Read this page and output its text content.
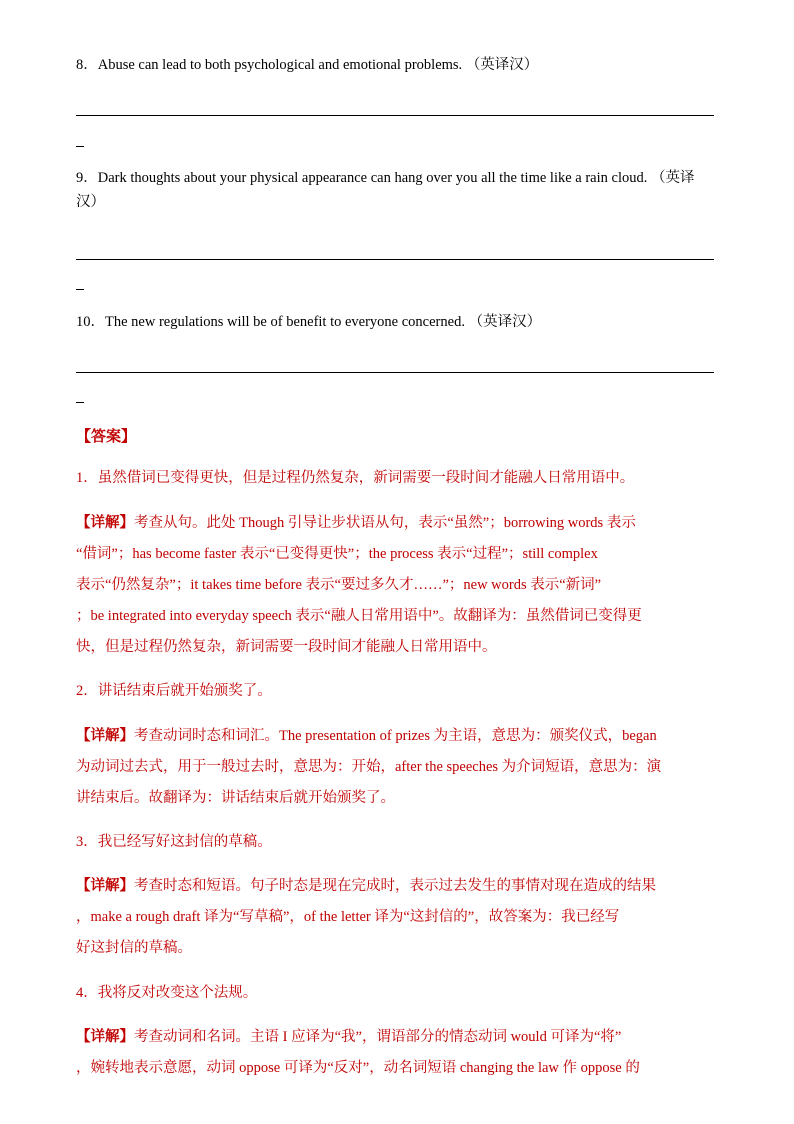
8．Abuse can lead to both psychological and emotional problems. （英译汉）
9．Dark thoughts about your physical appearance can hang over you all the time like a rain cloud. （英译汉）
10．The new regulations will be of benefit to everyone concerned. （英译汉）
【答案】
1．虽然借词已变得更快，但是过程仍然复杂，新词需要一段时间才能融人日常用语中。
【详解】考查从句。此处 Though 引导让步状语从句，表示“虽然”；borrowing words 表示
“借词”；has become faster 表示“已变得更快”；the process 表示“过程”；still complex
表示“仍然复杂”；it takes time before 表示“要过多久才……”；new words 表示“新词”
；be integrated into everyday speech 表示“融人日常用语中”。故翻译为：虽然借词已变得更
快，但是过程仍然复杂，新词需要一段时间才能融人日常用语中。
2．讲话结束后就开始颁奖了。
【详解】考查动词时态和词汇。The presentation of prizes 为主语，意思为：颁奖仪式，began
为动词过去式，用于一般过去时，意思为：开始，after the speeches 为介词短语，意思为：演
讲结束后。故翻译为：讲话结束后就开始颁奖了。
3．我已经写好这封信的草稿。
【详解】考查时态和短语。句子时态是现在完成时，表示过去发生的事情对现在造成的结果
，make a rough draft 译为“写草稿”，of the letter 译为“这封信的”，故答案为：我已经写
好这封信的草稿。
4．我将反对改变这个法规。
【详解】考查动词和名词。主语 I 应译为“我”，谓语部分的情态动词 would 可译为“将”
，婉转地表示意愿，动词 oppose 可译为“反对”，动名词短语 changing the law 作 oppose 的
